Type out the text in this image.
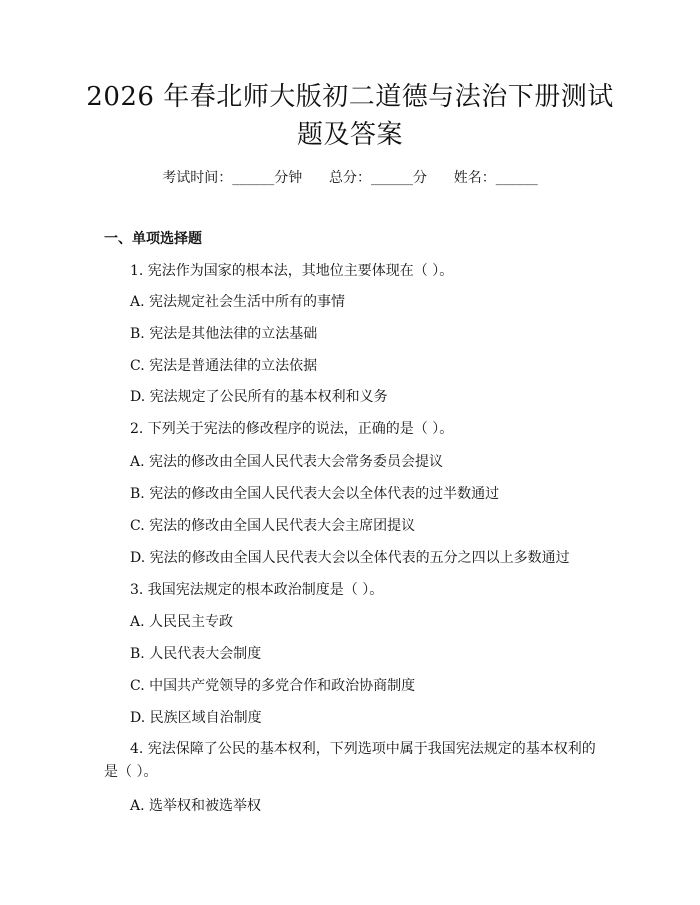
2026 年春北师大版初二道德与法治下册测试
题及答案
考试时间：______分钟      总分：______分      姓名：______
一、单项选择题
1. 宪法作为国家的根本法，其地位主要体现在（ ）。
A. 宪法规定社会生活中所有的事情
B. 宪法是其他法律的立法基础
C. 宪法是普通法律的立法依据
D. 宪法规定了公民所有的基本权利和义务
2. 下列关于宪法的修改程序的说法，正确的是（ ）。
A. 宪法的修改由全国人民代表大会常务委员会提议
B. 宪法的修改由全国人民代表大会以全体代表的过半数通过
C. 宪法的修改由全国人民代表大会主席团提议
D. 宪法的修改由全国人民代表大会以全体代表的五分之四以上多数通过
3. 我国宪法规定的根本政治制度是（ ）。
A. 人民民主专政
B. 人民代表大会制度
C. 中国共产党领导的多党合作和政治协商制度
D. 民族区域自治制度
4. 宪法保障了公民的基本权利，下列选项中属于我国宪法规定的基本权利的
是（ ）。
A. 选举权和被选举权
